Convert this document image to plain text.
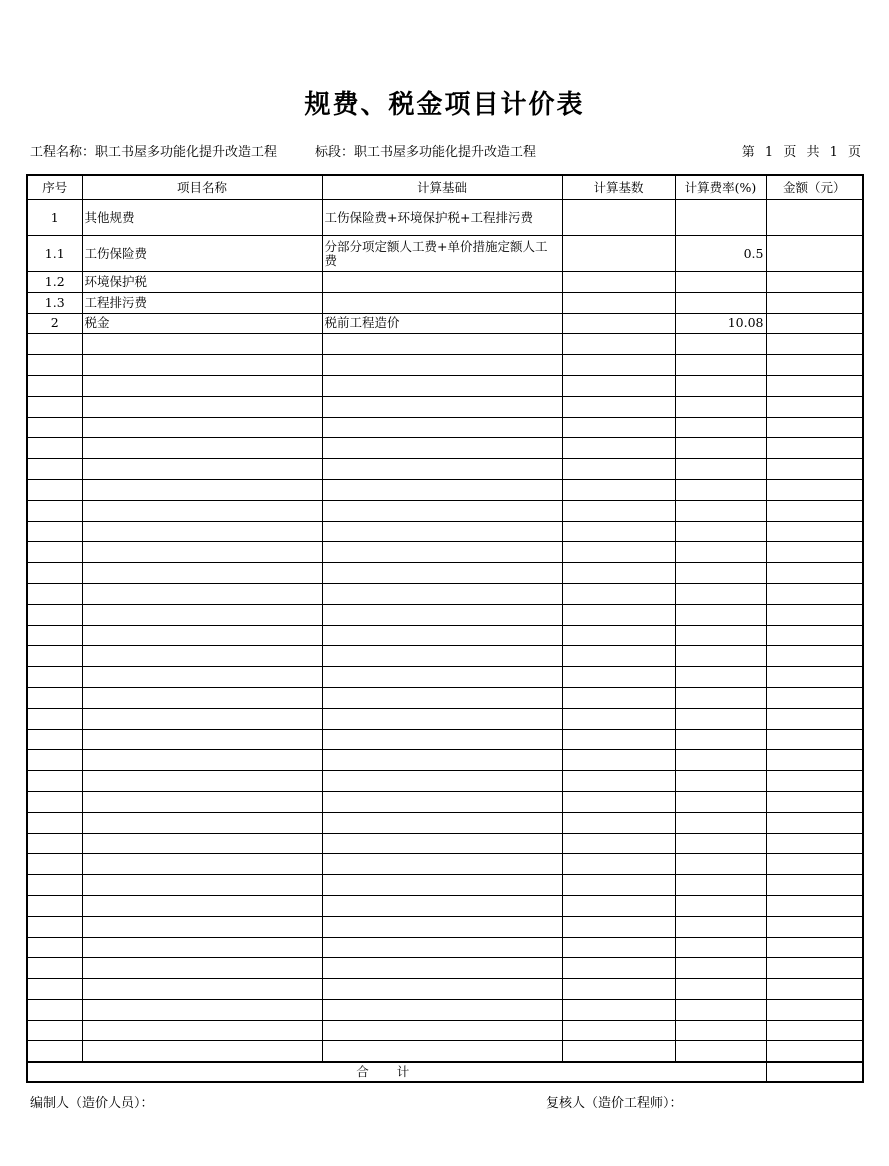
规费、税金项目计价表
工程名称：职工书屋多功能化提升改造工程	标段：职工书屋多功能化提升改造工程	第 1 页 共 1 页
序号	项目名称	计算基础	计算基数	计算费率(%)	金额（元）
1	其他规费	工伤保险费+环境保护税+工程排污费			
1.1	工伤保险费	分部分项定额人工费+单价措施定额人工费		0.5	
1.2	环境保护税				
1.3	工程排污费				
2	税金	税前工程造价		10.08	

合计					
编制人（造价人员）：	复核人（造价工程师）：
